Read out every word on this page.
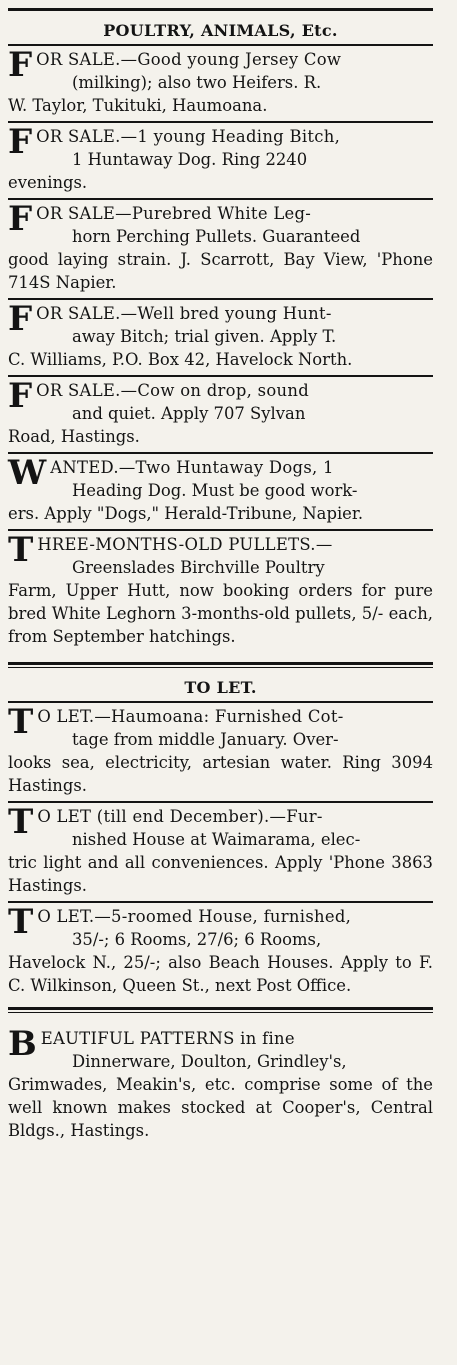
POULTRY, ANIMALS, Etc.
F OR SALE.—Good young Jersey Cow
(milking); also two Heifers. R.
W. Taylor, Tukituki, Haumoana.
F OR SALE.—1 young Heading Bitch,
1 Huntaway Dog. Ring 2240
evenings.
F OR SALE—Purebred White Leg-
horn Perching Pullets. Guaranteed
good laying strain. J. Scarrott, Bay View, 'Phone 714S Napier.
F OR SALE.—Well bred young Hunt-
away Bitch; trial given. Apply T.
C. Williams, P.O. Box 42, Havelock North.
F OR SALE.—Cow on drop, sound
and quiet. Apply 707 Sylvan
Road, Hastings.
W ANTED.—Two Huntaway Dogs, 1
Heading Dog. Must be good work-
ers. Apply "Dogs," Herald-Tribune, Napier.
T HREE-MONTHS-OLD PULLETS.—
Greenslades Birchville Poultry
Farm, Upper Hutt, now booking orders for pure bred White Leghorn 3-months-old pullets, 5/- each, from September hatchings.
TO LET.
T O LET.—Haumoana: Furnished Cot-
tage from middle January. Over-
looks sea, electricity, artesian water. Ring 3094 Hastings.
T O LET (till end December).—Fur-
nished House at Waimarama, elec-
tric light and all conveniences. Apply 'Phone 3863 Hastings.
T O LET.—5-roomed House, furnished,
35/-; 6 Rooms, 27/6; 6 Rooms,
Havelock N., 25/-; also Beach Houses. Apply to F. C. Wilkinson, Queen St., next Post Office.
B EAUTIFUL PATTERNS in fine
Dinnerware, Doulton, Grindley's,
Grimwades, Meakin's, etc. comprise some of the well known makes stocked at Cooper's, Central Bldgs., Hastings.
